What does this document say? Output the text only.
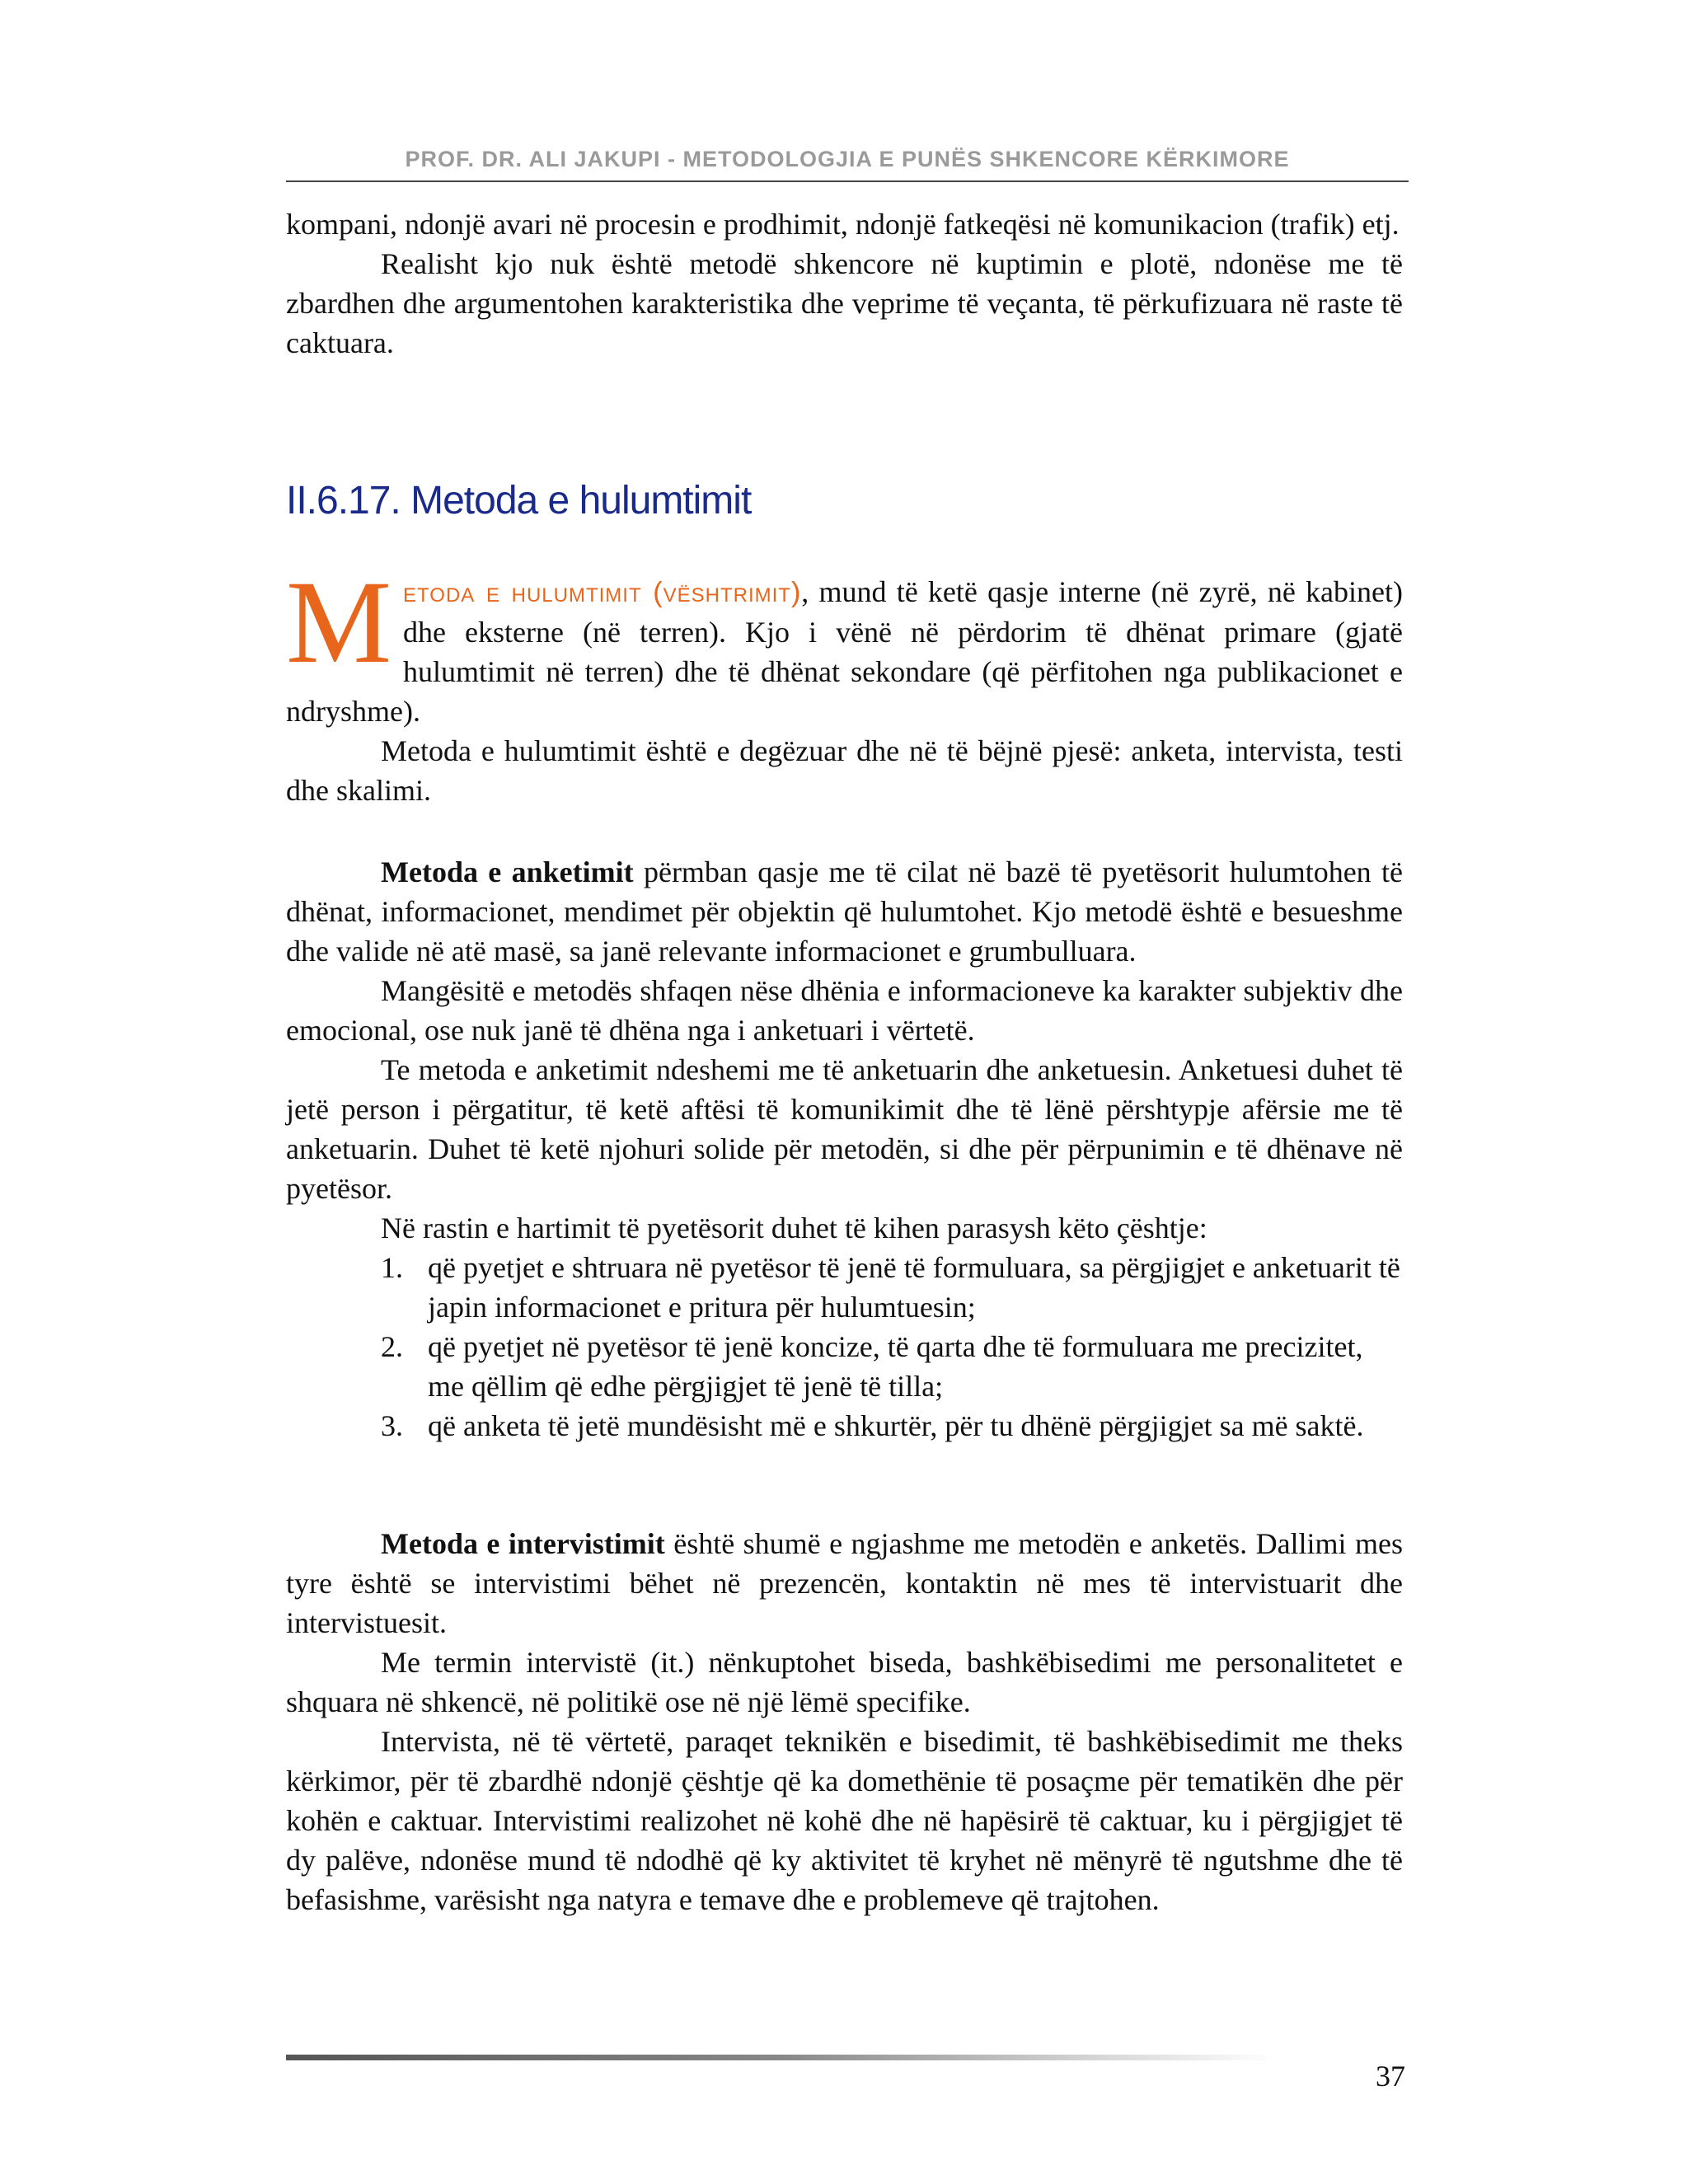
PROF. DR. ALI JAKUPI - METODOLOGJIA E PUNËS SHKENCORE KËRKIMORE

kompani, ndonjë avari në procesin e prodhimit, ndonjë fatkeqësi në komunikacion (trafik) etj.

Realisht kjo nuk është metodë shkencore në kuptimin e plotë, ndonëse me të zbardhen dhe argumentohen karakteristika dhe veprime të veçanta, të përkufizuara në raste të caktuara.

II.6.17. Metoda e hulumtimit

Metoda e hulumtimit (vështrimit), mund të ketë qasje interne (në zyrë, në kabinet) dhe eksterne (në terren). Kjo i vënë në përdorim të dhënat primare (gjatë hulumtimit në terren) dhe të dhënat sekondare (që përfitohen nga publikacionet e ndryshme).

Metoda e hulumtimit është e degëzuar dhe në të bëjnë pjesë: anketa, intervista, testi dhe skalimi.

Metoda e anketimit përmban qasje me të cilat në bazë të pyetësorit hulumtohen të dhënat, informacionet, mendimet për objektin që hulumtohet. Kjo metodë është e besueshme dhe valide në atë masë, sa janë relevante informacionet e grumbulluara.

Mangësitë e metodës shfaqen nëse dhënia e informacioneve ka karakter subjektiv dhe emocional, ose nuk janë të dhëna nga i anketuari i vërtetë.

Te metoda e anketimit ndeshemi me të anketuarin dhe anketuesin. Anketuesi duhet të jetë person i përgatitur, të ketë aftësi të komunikimit dhe të lënë përshtypje afërsie me të anketuarin. Duhet të ketë njohuri solide për metodën, si dhe për përpunimin e të dhënave në pyetësor.

Në rastin e hartimit të pyetësorit duhet të kihen parasysh këto çështje:

1. që pyetjet e shtruara në pyetësor të jenë të formuluara, sa përgjigjet e anketuarit të japin informacionet e pritura për hulumtuesin;
2. që pyetjet në pyetësor të jenë koncize, të qarta dhe të formuluara me precizitet, me qëllim që edhe përgjigjet të jenë të tilla;
3. që anketa të jetë mundësisht më e shkurtër, për tu dhënë përgjigjet sa më saktë.

Metoda e intervistimit është shumë e ngjashme me metodën e anketës. Dallimi mes tyre është se intervistimi bëhet në prezencën, kontaktin në mes të intervistuarit dhe intervistuesit.

Me termin intervistë (it.) nënkuptohet biseda, bashkëbisedimi me personalitetet e shquara në shkencë, në politikë ose në një lëmë specifike.

Intervista, në të vërtetë, paraqet teknikën e bisedimit, të bashkëbisedimit me theks kërkimor, për të zbardhë ndonjë çështje që ka domethënie të posaçme për tematikën dhe për kohën e caktuar. Intervistimi realizohet në kohë dhe në hapësirë të caktuar, ku i përgjigjet të dy palëve, ndonëse mund të ndodhë që ky aktivitet të kryhet në mënyrë të ngutshme dhe të befasishme, varësisht nga natyra e temave dhe e problemeve që trajtohen.

37
